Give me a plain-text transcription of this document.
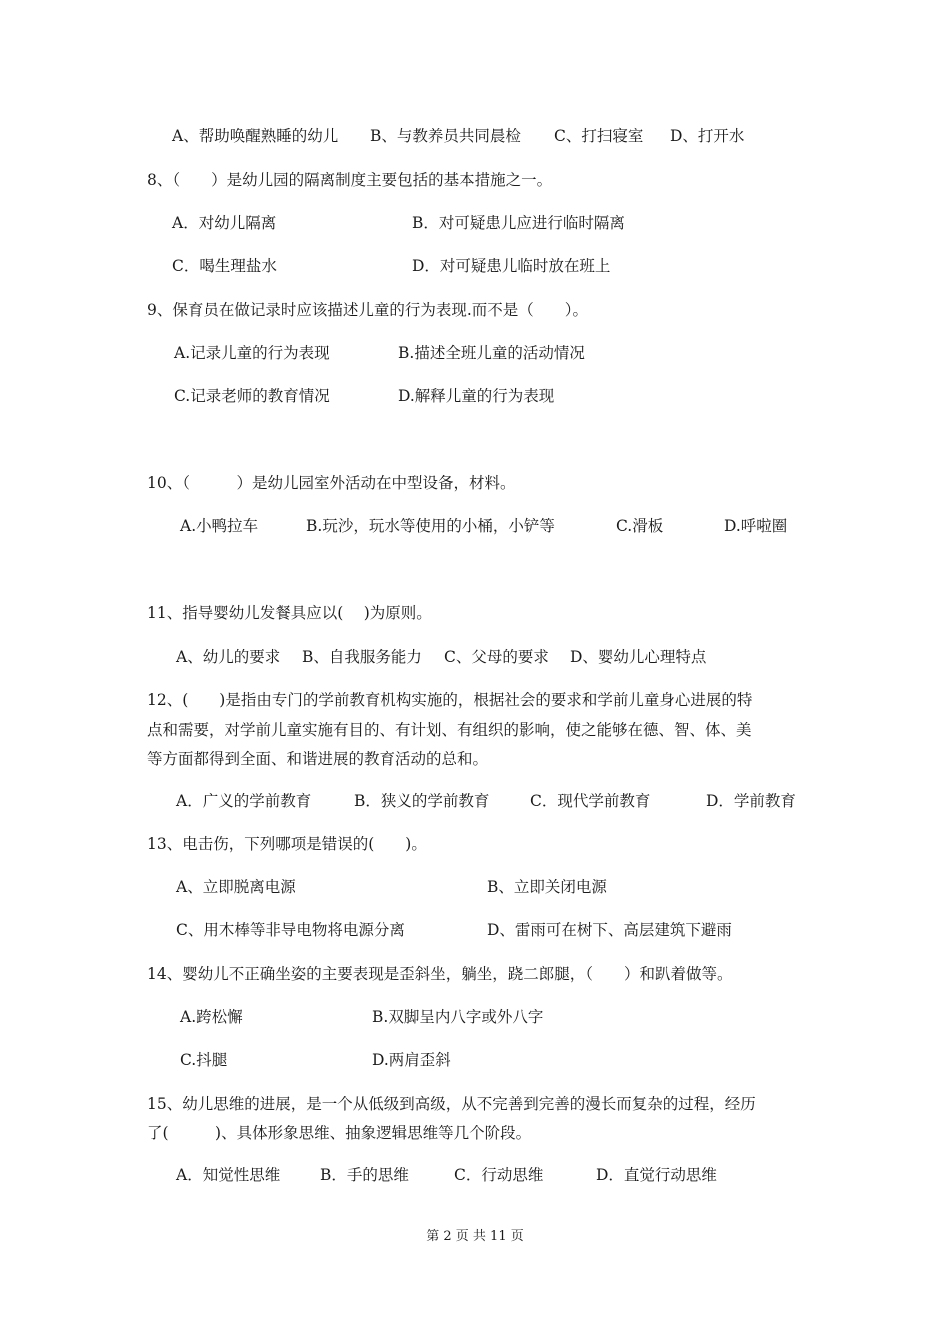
A、帮助唤醒熟睡的幼儿 B、与教养员共同晨检 C、打扫寝室 D、打开水
8、（　　）是幼儿园的隔离制度主要包括的基本措施之一。
A．对幼儿隔离	B．对可疑患儿应进行临时隔离
C．喝生理盐水	D．对可疑患儿临时放在班上
9、保育员在做记录时应该描述儿童的行为表现.而不是（　　）。
A.记录儿童的行为表现	B.描述全班儿童的活动情况
C.记录老师的教育情况	D.解释儿童的行为表现
10、（　　　）是幼儿园室外活动在中型设备，材料。
A.小鸭拉车	B.玩沙，玩水等使用的小桶，小铲等	C.滑板	D.呼啦圈
11、指导婴幼儿发餐具应以(　 )为原则。
A、幼儿的要求 B、自我服务能力 C、父母的要求 D、婴幼儿心理特点
12、(　　)是指由专门的学前教育机构实施的，根据社会的要求和学前儿童身心进展的特
点和需要，对学前儿童实施有目的、有计划、有组织的影响，使之能够在德、智、体、美
等方面都得到全面、和谐进展的教育活动的总和。
A．广义的学前教育	B．狭义的学前教育	C．现代学前教育	D．学前教育
13、电击伤，下列哪项是错误的(　　)。
A、立即脱离电源	B、立即关闭电源
C、用木棒等非导电物将电源分离	D、雷雨可在树下、高层建筑下避雨
14、婴幼儿不正确坐姿的主要表现是歪斜坐，躺坐，跷二郎腿，（　　）和趴着做等。
A.跨松懈	B.双脚呈内八字或外八字
C.抖腿	D.两肩歪斜
15、幼儿思维的进展，是一个从低级到高级，从不完善到完善的漫长而复杂的过程，经历
了(　　　)、具体形象思维、抽象逻辑思维等几个阶段。
A．知觉性思维	B．手的思维	C．行动思维	D．直觉行动思维
第 2 页 共 11 页
